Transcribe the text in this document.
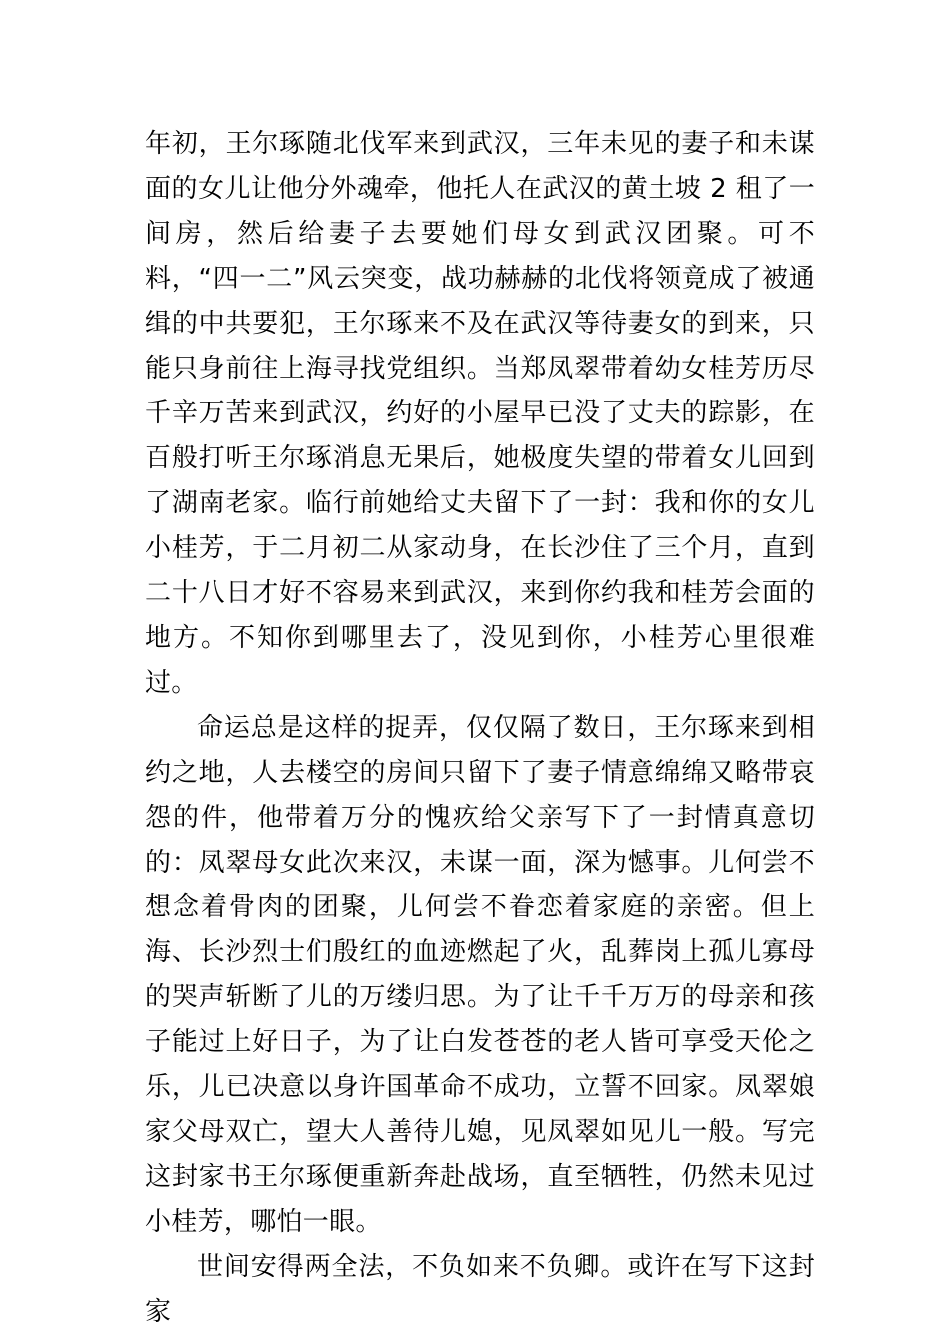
年初，王尔琢随北伐军来到武汉，三年未见的妻子和未谋面的女儿让他分外魂牵，他托人在武汉的黄土坡 2 租了一间房，然后给妻子去要她们母女到武汉团聚。可不料，“四一二”风云突变，战功赫赫的北伐将领竟成了被通缉的中共要犯，王尔琢来不及在武汉等待妻女的到来，只能只身前往上海寻找党组织。当郑凤翠带着幼女桂芳历尽千辛万苦来到武汉，约好的小屋早已没了丈夫的踪影，在百般打听王尔琢消息无果后，她极度失望的带着女儿回到了湖南老家。临行前她给丈夫留下了一封：我和你的女儿小桂芳，于二月初二从家动身，在长沙住了三个月，直到二十八日才好不容易来到武汉，来到你约我和桂芳会面的地方。不知你到哪里去了，没见到你，小桂芳心里很难过。

命运总是这样的捉弄，仅仅隔了数日，王尔琢来到相约之地，人去楼空的房间只留下了妻子情意绵绵又略带哀怨的件，他带着万分的愧疚给父亲写下了一封情真意切的：凤翠母女此次来汉，未谋一面，深为憾事。儿何尝不想念着骨肉的团聚，儿何尝不眷恋着家庭的亲密。但上海、长沙烈士们殷红的血迹燃起了火，乱葬岗上孤儿寡母的哭声斩断了儿的万缕归思。为了让千千万万的母亲和孩子能过上好日子，为了让白发苍苍的老人皆可享受天伦之乐，儿已决意以身许国革命不成功，立誓不回家。凤翠娘家父母双亡，望大人善待儿媳，见凤翠如见儿一般。写完这封家书王尔琢便重新奔赴战场，直至牺牲，仍然未见过小桂芳，哪怕一眼。

世间安得两全法，不负如来不负卿。或许在写下这封家
